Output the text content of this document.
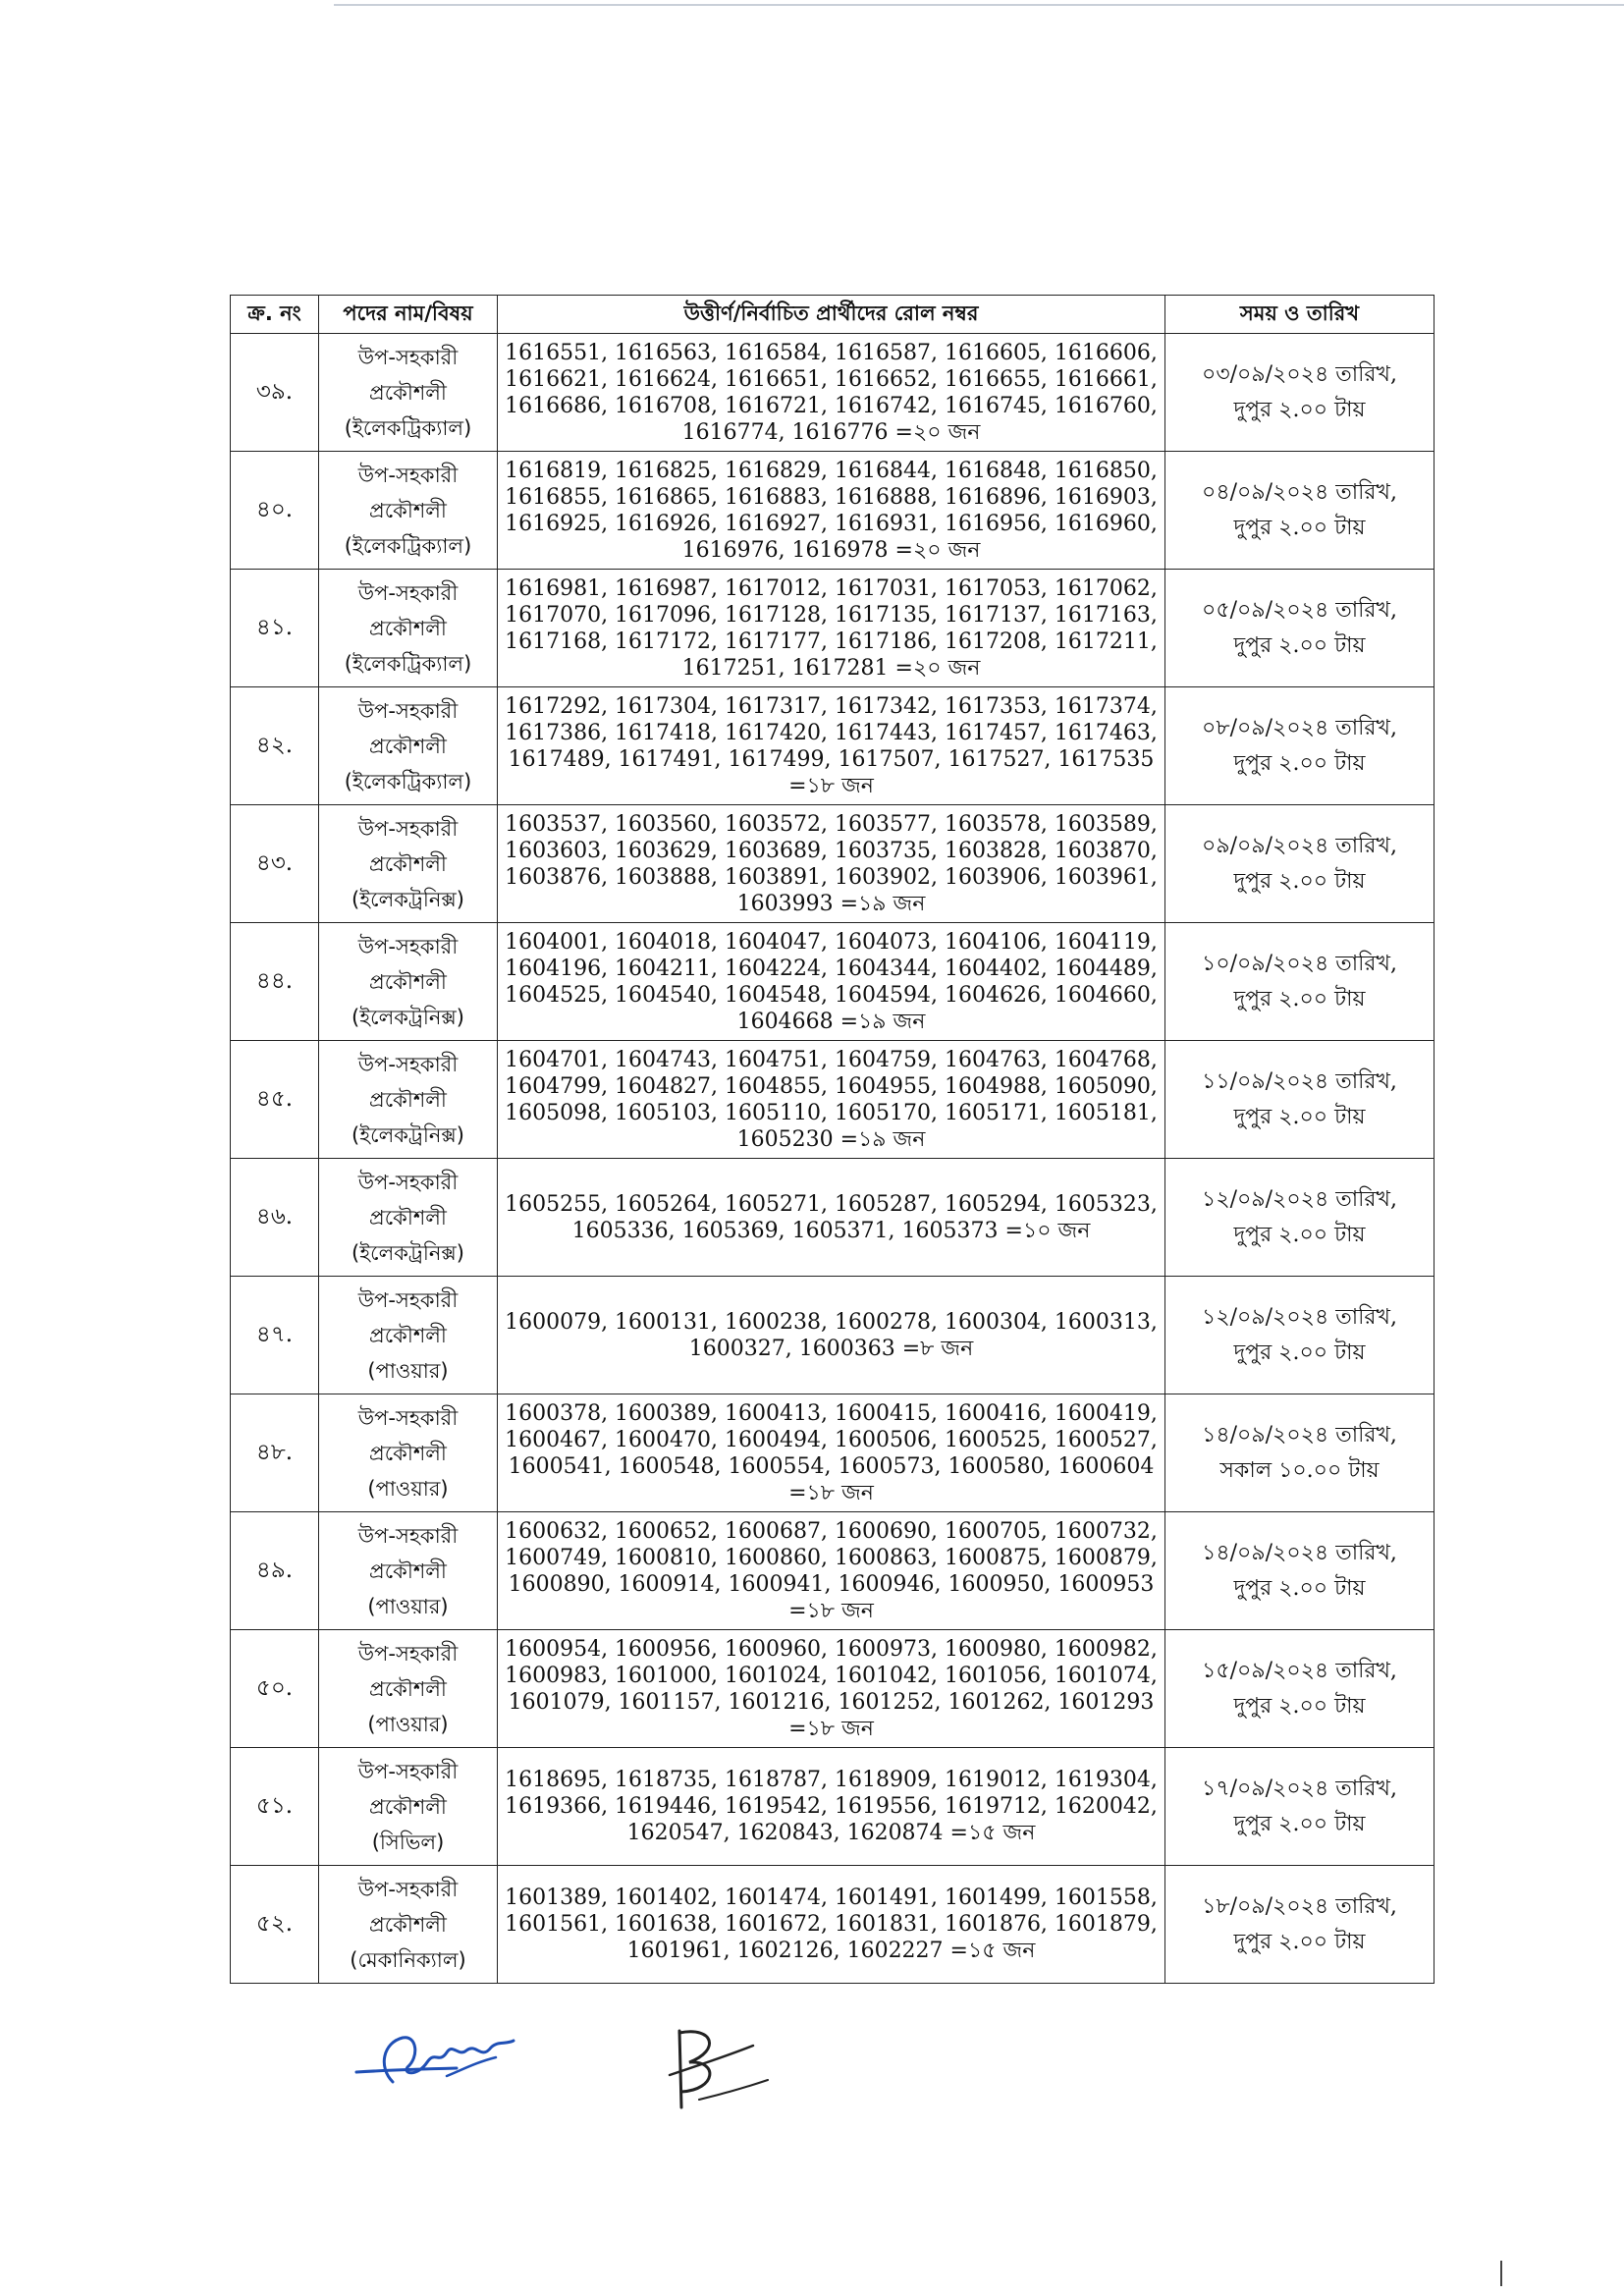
ক্র. নং	পদের নাম/বিষয়	উত্তীর্ণ/নির্বাচিত প্রার্থীদের রোল নম্বর	সময় ও তারিখ
৩৯.	উপ-সহকারী
প্রকৌশলী
(ইলেকট্রিক্যাল)	1616551, 1616563, 1616584, 1616587, 1616605, 1616606, 1616621, 1616624, 1616651, 1616652, 1616655, 1616661, 1616686, 1616708, 1616721, 1616742, 1616745, 1616760, 1616774, 1616776 =২০ জন	০৩/০৯/২০২৪ তারিখ,
দুপুর ২.০০ টায়

৪০.	উপ-সহকারী
প্রকৌশলী
(ইলেকট্রিক্যাল)	1616819, 1616825, 1616829, 1616844, 1616848, 1616850, 1616855, 1616865, 1616883, 1616888, 1616896, 1616903, 1616925, 1616926, 1616927, 1616931, 1616956, 1616960, 1616976, 1616978 =২০ জন	০৪/০৯/২০২৪ তারিখ,
দুপুর ২.০০ টায়

৪১.	উপ-সহকারী
প্রকৌশলী
(ইলেকট্রিক্যাল)	1616981, 1616987, 1617012, 1617031, 1617053, 1617062, 1617070, 1617096, 1617128, 1617135, 1617137, 1617163, 1617168, 1617172, 1617177, 1617186, 1617208, 1617211, 1617251, 1617281 =২০ জন	০৫/০৯/২০২৪ তারিখ,
দুপুর ২.০০ টায়

৪২.	উপ-সহকারী
প্রকৌশলী
(ইলেকট্রিক্যাল)	1617292, 1617304, 1617317, 1617342, 1617353, 1617374, 1617386, 1617418, 1617420, 1617443, 1617457, 1617463, 1617489, 1617491, 1617499, 1617507, 1617527, 1617535 =১৮ জন	০৮/০৯/২০২৪ তারিখ,
দুপুর ২.০০ টায়

৪৩.	উপ-সহকারী
প্রকৌশলী
(ইলেকট্রনিক্স)	1603537, 1603560, 1603572, 1603577, 1603578, 1603589, 1603603, 1603629, 1603689, 1603735, 1603828, 1603870, 1603876, 1603888, 1603891, 1603902, 1603906, 1603961, 1603993 =১৯ জন	০৯/০৯/২০২৪ তারিখ,
দুপুর ২.০০ টায়

৪৪.	উপ-সহকারী
প্রকৌশলী
(ইলেকট্রনিক্স)	1604001, 1604018, 1604047, 1604073, 1604106, 1604119, 1604196, 1604211, 1604224, 1604344, 1604402, 1604489, 1604525, 1604540, 1604548, 1604594, 1604626, 1604660, 1604668 =১৯ জন	১০/০৯/২০২৪ তারিখ,
দুপুর ২.০০ টায়

৪৫.	উপ-সহকারী
প্রকৌশলী
(ইলেকট্রনিক্স)	1604701, 1604743, 1604751, 1604759, 1604763, 1604768, 1604799, 1604827, 1604855, 1604955, 1604988, 1605090, 1605098, 1605103, 1605110, 1605170, 1605171, 1605181, 1605230 =১৯ জন	১১/০৯/২০২৪ তারিখ,
দুপুর ২.০০ টায়

৪৬.	উপ-সহকারী
প্রকৌশলী
(ইলেকট্রনিক্স)	1605255, 1605264, 1605271, 1605287, 1605294, 1605323, 1605336, 1605369, 1605371, 1605373 =১০ জন	১২/০৯/২০২৪ তারিখ,
দুপুর ২.০০ টায়

৪৭.	উপ-সহকারী
প্রকৌশলী
(পাওয়ার)	1600079, 1600131, 1600238, 1600278, 1600304, 1600313, 1600327, 1600363 =৮ জন	১২/০৯/২০২৪ তারিখ,
দুপুর ২.০০ টায়

৪৮.	উপ-সহকারী
প্রকৌশলী
(পাওয়ার)	1600378, 1600389, 1600413, 1600415, 1600416, 1600419, 1600467, 1600470, 1600494, 1600506, 1600525, 1600527, 1600541, 1600548, 1600554, 1600573, 1600580, 1600604 =১৮ জন	১৪/০৯/২০২৪ তারিখ,
সকাল ১০.০০ টায়

৪৯.	উপ-সহকারী
প্রকৌশলী
(পাওয়ার)	1600632, 1600652, 1600687, 1600690, 1600705, 1600732, 1600749, 1600810, 1600860, 1600863, 1600875, 1600879, 1600890, 1600914, 1600941, 1600946, 1600950, 1600953 =১৮ জন	১৪/০৯/২০২৪ তারিখ,
দুপুর ২.০০ টায়

৫০.	উপ-সহকারী
প্রকৌশলী
(পাওয়ার)	1600954, 1600956, 1600960, 1600973, 1600980, 1600982, 1600983, 1601000, 1601024, 1601042, 1601056, 1601074, 1601079, 1601157, 1601216, 1601252, 1601262, 1601293 =১৮ জন	১৫/০৯/২০২৪ তারিখ,
দুপুর ২.০০ টায়

৫১.	উপ-সহকারী
প্রকৌশলী
(সিভিল)	1618695, 1618735, 1618787, 1618909, 1619012, 1619304, 1619366, 1619446, 1619542, 1619556, 1619712, 1620042, 1620547, 1620843, 1620874 =১৫ জন	১৭/০৯/২০২৪ তারিখ,
দুপুর ২.০০ টায়

৫২.	উপ-সহকারী
প্রকৌশলী
(মেকানিক্যাল)	1601389, 1601402, 1601474, 1601491, 1601499, 1601558, 1601561, 1601638, 1601672, 1601831, 1601876, 1601879, 1601961, 1602126, 1602227 =১৫ জন	১৮/০৯/২০২৪ তারিখ,
দুপুর ২.০০ টায়
